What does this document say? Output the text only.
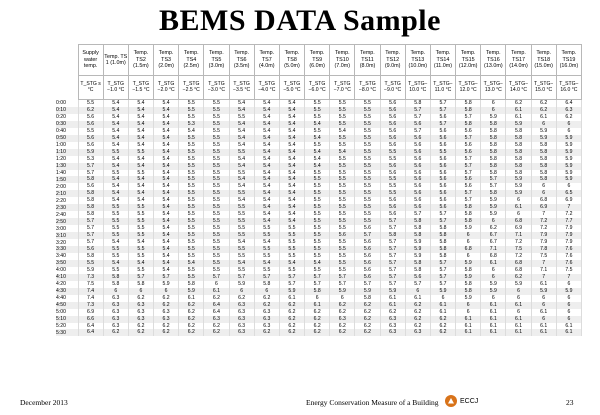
BEMS DATA Sample
	Supply water temp.	Temp. TS 1 (1.0m)	Temp. TS2 (1.5m)	Temp. TS3 (2.0m)	Temp. TS4 (2.5m)	Temp. TS5 (3.0m)	Temp. TS6 (3.5m)	Temp. TS7 (4.0m)	Temp. TS8 (5.0m)	Temp. TS9 (6.0m)	Temp. TS10 (7.0m)	Temp. TS11 (8.0m)	Temp. TS12 (9.0m)	Temp. TS13 (10.0m)	Temp. TS14 (11.0m)	Temp. TS15 (12.0m)	Temp. TS16 (13.0m)	Temp. TS17 (14.0m)	Temp. TS18 (15.0m)	Temp. TS19 (16.0m)
	T_STG s °C	T_STG −1.0 °C	T_STG −1.5 °C	T_STG −2.0 °C	T_STG −2.5 °C	T_STG −3.0 °C	T_STG −3.5 °C	T_STG −4.0 °C	T_STG −5.0 °C	T_STG −6.0 °C	T_STG −7.0 °C	T_STG −8.0 °C	T_STG −9.0 °C	T_STG− 10.0 °C	T_STG− 11.0 °C	T_STG− 12.0 °C	T_STG− 13.0 °C	T_STG− 14.0 °C	T_STG− 15.0 °C	T_STG− 16.0 °C
0:00	5.5	5.4	5.4	5.4	5.5	5.5	5.4	5.4	5.4	5.5	5.5	5.5	5.6	5.8	5.7	5.8	6	6.2	6.2	6.4
0:10	6.2	5.4	5.4	5.4	5.5	5.5	5.4	5.4	5.4	5.5	5.5	5.5	5.6	5.7	5.7	5.8	6	6.1	6.2	6.3
0:20	5.6	5.4	5.4	5.4	5.5	5.5	5.5	5.4	5.4	5.5	5.5	5.5	5.6	5.7	5.6	5.7	5.9	6.1	6.1	6.2
0:30	5.6	5.4	5.4	5.4	5.3	5.5	5.4	5.4	5.4	5.4	5.5	5.5	5.6	5.6	5.7	5.8	5.8	5.9	6	6
0:40	5.5	5.4	5.4	5.4	5.4	5.5	5.4	5.4	5.4	5.5	5.4	5.5	5.6	5.7	5.6	5.6	5.8	5.8	5.9	6
0:50	5.6	5.4	5.4	5.4	5.5	5.5	5.4	5.4	5.4	5.4	5.5	5.5	5.6	5.6	5.6	5.7	5.8	5.8	5.9	5.9
1:00	5.6	5.4	5.4	5.4	5.5	5.5	5.4	5.4	5.4	5.5	5.5	5.5	5.6	5.6	5.6	5.6	5.8	5.8	5.8	5.9
1:10	5.9	5.5	5.5	5.4	5.5	5.5	5.5	5.4	5.4	5.4	5.4	5.5	5.5	5.6	5.5	5.6	5.8	5.8	5.8	5.9
1:20	5.3	5.4	5.4	5.4	5.5	5.5	5.4	5.4	5.4	5.4	5.5	5.5	5.5	5.6	5.6	5.7	5.8	5.8	5.8	5.9
1:30	5.7	5.4	5.4	5.4	5.5	5.5	5.4	5.4	5.4	5.4	5.5	5.5	5.6	5.6	5.6	5.7	5.8	5.8	5.8	5.9
1:40	5.7	5.5	5.5	5.4	5.5	5.5	5.5	5.4	5.4	5.5	5.5	5.5	5.6	5.6	5.6	5.7	5.8	5.8	5.8	5.9
1:50	5.8	5.4	5.4	5.4	5.5	5.5	5.4	5.4	5.4	5.5	5.5	5.5	5.5	5.6	5.6	5.6	5.7	5.9	5.8	5.9
2:00	5.6	5.4	5.4	5.4	5.5	5.5	5.4	5.4	5.4	5.5	5.5	5.5	5.5	5.6	5.6	5.6	5.7	5.9	6	6
2:10	5.8	5.4	5.4	5.4	5.5	5.5	5.5	5.4	5.4	5.5	5.5	5.5	5.5	5.6	5.6	5.7	5.8	5.9	6	6.5
2:20	5.8	5.4	5.4	5.4	5.5	5.5	5.4	5.4	5.4	5.5	5.5	5.5	5.6	5.6	5.6	5.7	5.9	6	6.8	6.9
2:30	5.8	5.5	5.5	5.4	5.5	5.5	5.5	5.4	5.4	5.5	5.5	5.5	5.6	5.6	5.6	5.8	5.9	6.1	6.9	7
2:40	5.8	5.5	5.5	5.4	5.5	5.5	5.5	5.4	5.4	5.5	5.5	5.5	5.6	5.7	5.7	5.8	5.9	6	7	7.2
2:50	5.7	5.5	5.5	5.4	5.5	5.5	5.5	5.4	5.4	5.5	5.5	5.5	5.7	5.8	5.7	5.8	6	6.8	7.2	7.7
3:00	5.7	5.5	5.5	5.4	5.5	5.5	5.5	5.5	5.5	5.5	5.5	5.6	5.7	5.8	5.8	5.9	6.2	6.9	7.2	7.9
3:10	5.7	5.5	5.5	5.4	5.5	5.5	5.5	5.5	5.5	5.5	5.6	5.7	5.8	5.8	5.8	6	6.7	7.1	7.9	7.9
3:20	5.7	5.4	5.4	5.4	5.5	5.5	5.4	5.4	5.5	5.5	5.5	5.6	5.7	5.9	5.8	6	6.7	7.2	7.9	7.9
3:30	5.6	5.5	5.5	5.4	5.5	5.5	5.5	5.5	5.5	5.5	5.5	5.6	5.7	5.9	5.8	6.8	7.1	7.5	7.8	7.6
3:40	5.8	5.5	5.5	5.4	5.5	5.5	5.5	5.5	5.5	5.5	5.5	5.6	5.7	5.9	5.8	6	6.8	7.2	7.5	7.6
3:50	5.5	5.4	5.4	5.4	5.4	5.5	5.4	5.4	5.4	5.4	5.5	5.6	5.7	5.8	5.7	5.9	6.1	6.8	7	7.6
4:00	5.9	5.5	5.5	5.4	5.5	5.5	5.5	5.5	5.5	5.5	5.5	5.6	5.7	5.8	5.7	5.8	6	6.8	7.1	7.5
4:10	7.3	5.8	5.7	5.7	5.5	5.7	5.7	5.7	5.7	5.7	5.7	5.6	5.7	5.6	5.7	5.9	6	6.2	7	7
4:20	7.5	5.8	5.8	5.9	5.8	6	5.9	5.8	5.7	5.7	5.7	5.7	5.7	5.7	5.7	5.8	5.9	5.9	6.1	6
4:30	7.4	6	6	6	5.9	6.1	6	6	5.9	5.8	5.9	5.9	5.9	6	5.9	5.8	5.9	6	5.9	5.9
4:40	7.4	6.3	6.2	6.2	6.1	6.2	6.2	6.2	6.1	6	6	5.8	6.1	6.1	6	5.9	6	6	6	6
4:50	7.3	6.3	6.3	6.2	6.2	6.4	6.3	6.2	6.2	6.1	6.2	6.2	6.1	6.2	6.1	6	6.1	6.1	6	6
5:00	6.9	6.3	6.3	6.3	6.2	6.4	6.3	6.3	6.2	6.2	6.2	6.2	6.2	6.2	6.1	6	6.1	6	6.1	6
5:10	6.6	6.3	6.3	6.3	6.2	6.3	6.3	6.3	6.2	6.2	6.3	6.2	6.3	6.2	6.2	6.1	6.1	6.1	6	6
5:20	6.4	6.3	6.2	6.2	6.2	6.2	6.3	6.3	6.2	6.2	6.2	6.2	6.3	6.2	6.2	6.1	6.1	6.1	6.1	6.1
5:30	6.4	6.2	6.2	6.2	6.2	6.2	6.3	6.2	6.2	6.2	6.2	6.2	6.3	6.3	6.2	6.1	6.1	6.1	6.1	6.1
December 2013	Energy Conservation Measure of a Building	ECCJ	23
